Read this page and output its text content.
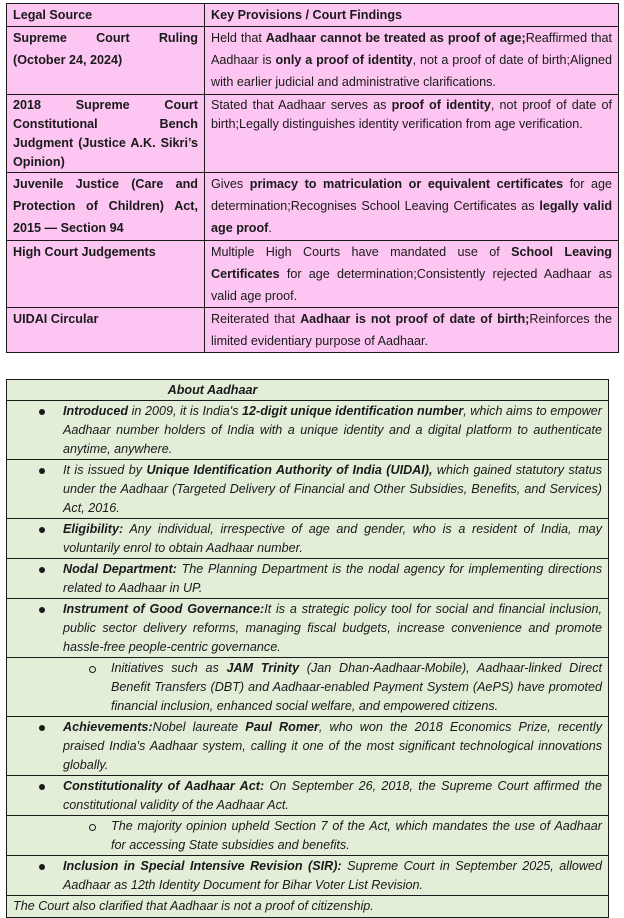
Legal Source	Key Provisions / Court Findings
Supreme Court Ruling (October 24, 2024)	Held that Aadhaar cannot be treated as proof of age;Reaffirmed that Aadhaar is only a proof of identity, not a proof of date of birth;Aligned with earlier judicial and administrative clarifications.
2018 Supreme Court Constitutional Bench Judgment (Justice A.K. Sikri’s Opinion)	Stated that Aadhaar serves as proof of identity, not proof of date of birth;Legally distinguishes identity verification from age verification.
Juvenile Justice (Care and Protection of Children) Act, 2015 — Section 94	Gives primacy to matriculation or equivalent certificates for age determination;Recognises School Leaving Certificates as legally valid age proof.
High Court Judgements	Multiple High Courts have mandated use of School Leaving Certificates for age determination;Consistently rejected Aadhaar as valid age proof.
UIDAI Circular	Reiterated that Aadhaar is not proof of date of birth;Reinforces the limited evidentiary purpose of Aadhaar.
About Aadhaar
Introduced in 2009, it is India's 12-digit unique identification number, which aims to empower Aadhaar number holders of India with a unique identity and a digital platform to authenticate anytime, anywhere.
It is issued by Unique Identification Authority of India (UIDAI), which gained statutory status under the Aadhaar (Targeted Delivery of Financial and Other Subsidies, Benefits, and Services) Act, 2016.
Eligibility: Any individual, irrespective of age and gender, who is a resident of India, may voluntarily enrol to obtain Aadhaar number.
Nodal Department: The Planning Department is the nodal agency for implementing directions related to Aadhaar in UP.
Instrument of Good Governance:It is a strategic policy tool for social and financial inclusion, public sector delivery reforms, managing fiscal budgets, increase convenience and promote hassle-free people-centric governance.
Initiatives such as JAM Trinity (Jan Dhan-Aadhaar-Mobile), Aadhaar-linked Direct Benefit Transfers (DBT) and Aadhaar-enabled Payment System (AePS) have promoted financial inclusion, enhanced social welfare, and empowered citizens.
Achievements:Nobel laureate Paul Romer, who won the 2018 Economics Prize, recently praised India's Aadhaar system, calling it one of the most significant technological innovations globally.
Constitutionality of Aadhaar Act: On September 26, 2018, the Supreme Court affirmed the constitutional validity of the Aadhaar Act.
The majority opinion upheld Section 7 of the Act, which mandates the use of Aadhaar for accessing State subsidies and benefits.
Inclusion in Special Intensive Revision (SIR): Supreme Court in September 2025, allowed Aadhaar as 12th Identity Document for Bihar Voter List Revision.
The Court also clarified that Aadhaar is not a proof of citizenship.
